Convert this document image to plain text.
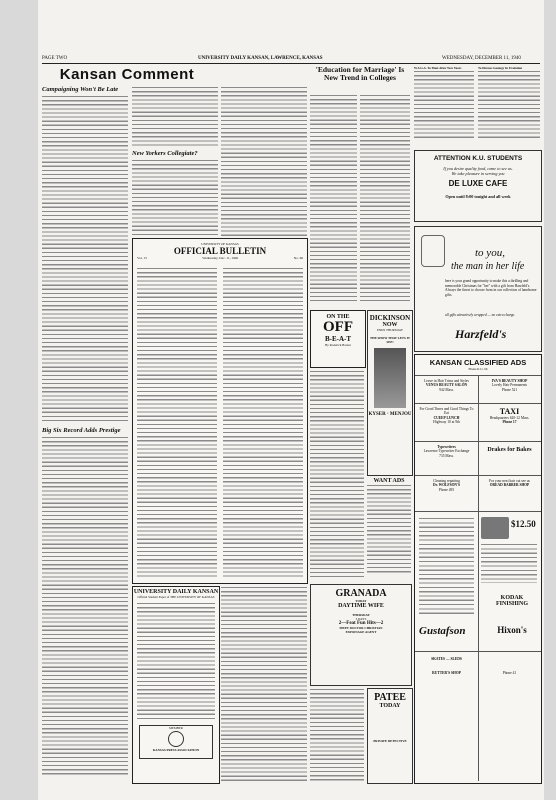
PAGE TWO	UNIVERSITY DAILY KANSAN, LAWRENCE, KANSAS	WEDNESDAY, DECEMBER 11, 1940
Kansan Comment
Campaigning Won't Be Late
Big Six Record Adds Prestige
New Yorkers Collegiate?
UNIVERSITY OF KANSAS
OFFICIAL BULLETIN
Vol. 13	Wednesday, Dec. 11, 1940	No. 66
UNIVERSITY DAILY KANSAN
Official Student Paper of THE UNIVERSITY OF KANSAS
MEMBER
KANSAS PRESS ASSOCIATION
'Education for Marriage' Is New Trend in Colleges
ON THE
OFF
B-E-A-T
By Roderick Barton
DICKINSON
NOW
ENDS THURSDAY
THE SHOW THAT LETS IT SEE!
KYSER · MENJOU
GRANADA
TODAY
DAYTIME WIFE
THURSDAY
3 DAYS
2—Feat Fun Hits—2
MEET DOCTOR CHRISTIAN
ESPIONAGE AGENT
WANT ADS
PATEE
TODAY
PRIVATE DETECTIVE
W.S.G.A. To Meet After New Years	To Discuss Geology In Evolution
ATTENTION K.U. STUDENTS
If you desire quality food, come to see us.
We take pleasure in serving you
DE LUXE CAFE
Open until 8:00 tonight and all week
to you,
the man in her life
here is your grand opportunity to make this a thrilling and memorable Christmas for "her" with a gift from Harzfeld's. Always the finest to choose from in our collection of handsome gifts.
all gifts attractively wrapped — no extra charge.
Harzfeld's
KANSAN CLASSIFIED ADS
Phone K.U. 66
Leave in Hair Trims and Styles
VENUS BEAUTY SALON
942 Mass.
IVA'S BEAUTY SHOP
Lovely Hair Permanents
Phone 521
For Good Times and Good Things To Eat
CUEEP LUNCH
Highway 10 at 9th
TAXI
Headquarters 620-12 Mass.
Phone 17
Typewriters
Lawrence Typewriter Exchange
735 Mass.
Drakes for Bakes
Cleaning repairing
Dr. WOLFSON'S
Phone 495
For your next hair cut see us
OREAD BARBER SHOP
$12.50
Gustafson
KODAK FINISHING
Hixon's
SKATES — SLEDS
RUTTER'S SHOP	Phone 41
